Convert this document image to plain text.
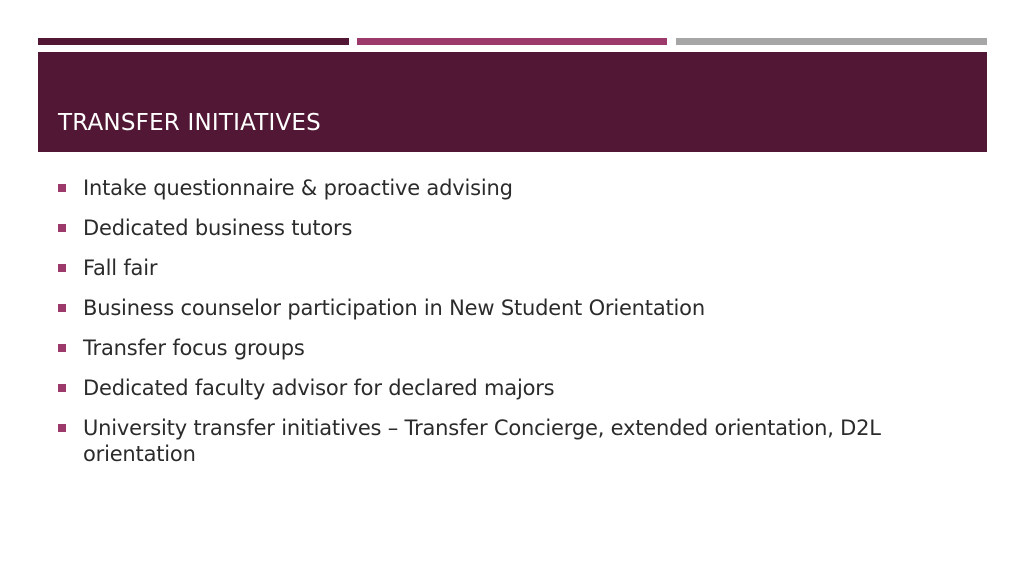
TRANSFER INITIATIVES
Intake questionnaire & proactive advising
Dedicated business tutors
Fall fair
Business counselor participation in New Student Orientation
Transfer focus groups
Dedicated faculty advisor for declared majors
University transfer initiatives – Transfer Concierge, extended orientation, D2L orientation
